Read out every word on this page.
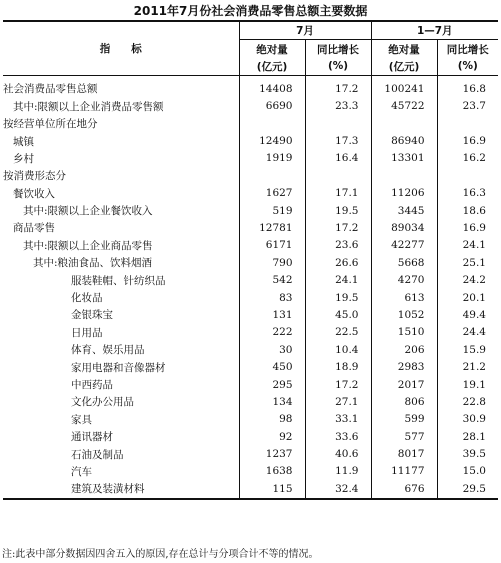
2011年7月份社会消费品零售总额主要数据
指　　标	7月		1—7月	
	绝对量	同比增长	绝对量	同比增长
	(亿元)	(%)	(亿元)	(%)
社会消费品零售总额	14408	17.2	100241	16.8
其中:限额以上企业消费品零售额	6690	23.3	45722	23.7
按经营单位所在地分				
城镇	12490	17.3	86940	16.9
乡村	1919	16.4	13301	16.2
按消费形态分				
餐饮收入	1627	17.1	11206	16.3
其中:限额以上企业餐饮收入	519	19.5	3445	18.6
商品零售	12781	17.2	89034	16.9
其中:限额以上企业商品零售	6171	23.6	42277	24.1
其中:粮油食品、饮料烟酒	790	26.6	5668	25.1
服装鞋帽、针纺织品	542	24.1	4270	24.2
化妆品	83	19.5	613	20.1
金银珠宝	131	45.0	1052	49.4
日用品	222	22.5	1510	24.4
体育、娱乐用品	30	10.4	206	15.9
家用电器和音像器材	450	18.9	2983	21.2
中西药品	295	17.2	2017	19.1
文化办公用品	134	27.1	806	22.8
家具	98	33.1	599	30.9
通讯器材	92	33.6	577	28.1
石油及制品	1237	40.6	8017	39.5
汽车	1638	11.9	11177	15.0
建筑及装潢材料	115	32.4	676	29.5
注:此表中部分数据因四舍五入的原因,存在总计与分项合计不等的情况。
